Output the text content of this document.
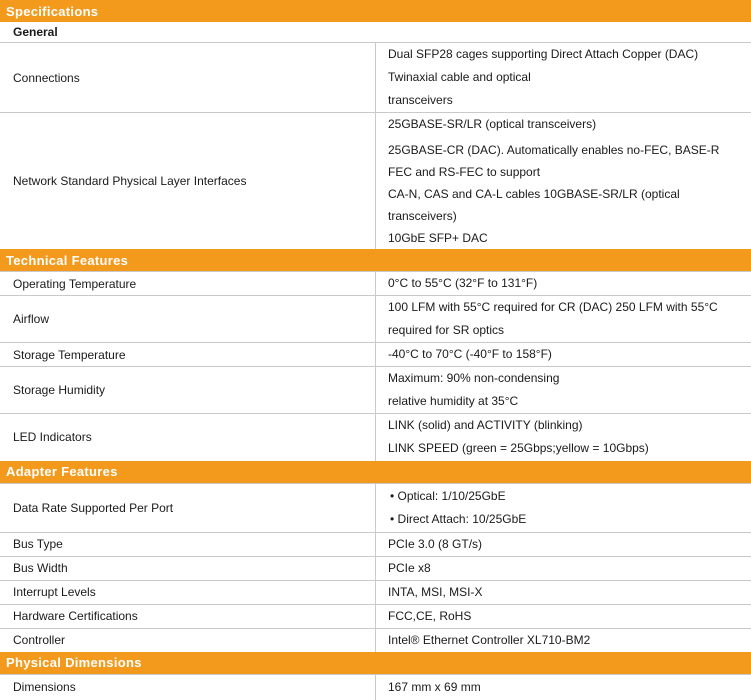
Specifications	
General	
Connections	Dual SFP28 cages supporting Direct Attach Copper (DAC) Twinaxial cable and optical
transceivers

Network Standard Physical Layer Interfaces	25GBASE-SR/LR (optical transceivers)
25GBASE-CR (DAC). Automatically enables no-FEC, BASE-R FEC and RS-FEC to support
CA-N, CAS and CA-L cables 10GBASE-SR/LR (optical transceivers)
10GbE SFP+ DAC

Technical Features	
Operating Temperature	0°C to 55°C (32°F to 131°F)
Airflow	100 LFM with 55°C required for CR (DAC) 250 LFM with 55°C required for SR optics
Storage Temperature	-40°C to 70°C (-40°F to 158°F)
Storage Humidity	Maximum: 90% non-condensing
relative humidity at 35°C

LED Indicators	LINK (solid) and ACTIVITY (blinking)
LINK SPEED (green = 25Gbps;yellow = 10Gbps)

Adapter Features	
Data Rate Supported Per Port	• Optical: 1/10/25GbE
• Direct Attach: 10/25GbE

Bus Type	PCIe 3.0 (8 GT/s)
Bus Width	PCIe x8
Interrupt Levels	INTA, MSI, MSI-X
Hardware Certifications	FCC,CE, RoHS
Controller	Intel® Ethernet Controller XL710-BM2
Physical Dimensions	
Dimensions	167 mm x 69 mm
